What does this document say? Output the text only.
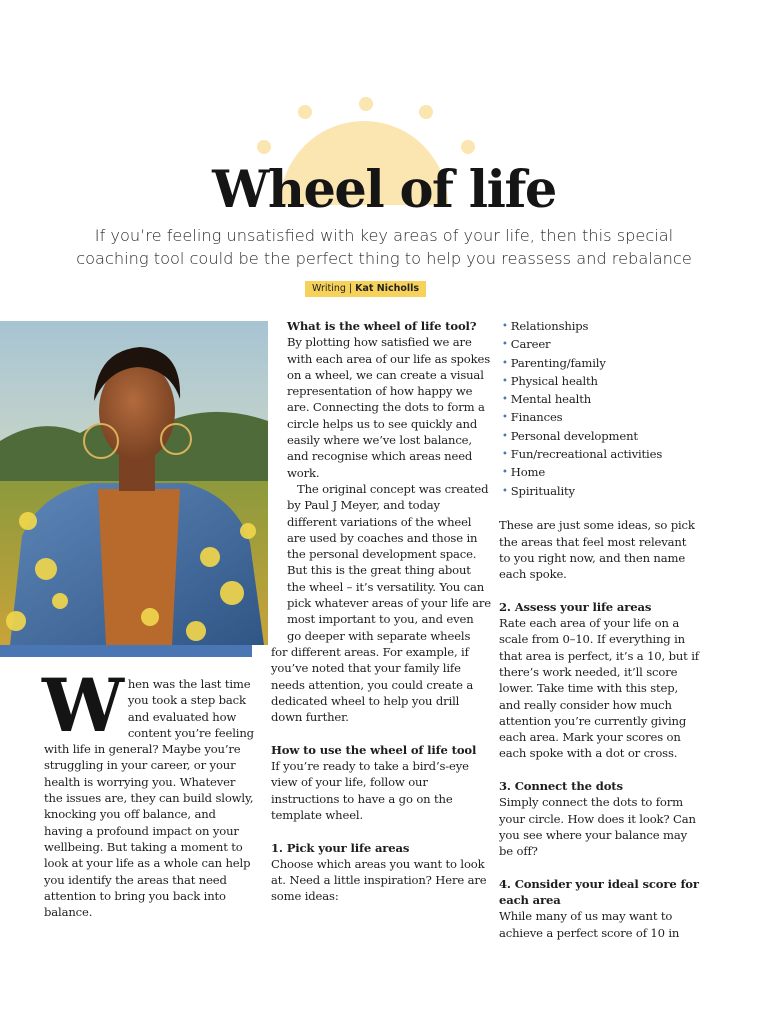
Wheel of life
If you’re feeling unsatisfied with key areas of your life, then this special
coaching tool could be the perfect thing to help you reassess and rebalance
Writing | Kat Nicholls
When was the last time you took a step back and evaluated how content you’re feeling with life in general? Maybe you’re struggling in your career, or your health is worrying you. Whatever the issues are, they can build slowly, knocking you off balance, and having a profound impact on your wellbeing. But taking a moment to look at your life as a whole can help you identify the areas that need attention to bring you back into balance.
What is the wheel of life tool?

By plotting how satisfied we are with each area of our life as spokes on a wheel, we can create a visual representation of how happy we are. Connecting the dots to form a circle helps us to see quickly and easily where we’ve lost balance, and recognise which areas need work.

The original concept was created by Paul J Meyer, and today different variations of the wheel are used by coaches and those in the personal development space. But this is the great thing about the wheel – it’s versatility. You can pick whatever areas of your life are most important to you, and even go deeper with separate wheels

for different areas. For example, if you’ve noted that your family life needs attention, you could create a dedicated wheel to help you drill down further.

How to use the wheel of life tool

If you’re ready to take a bird’s-eye view of your life, follow our instructions to have a go on the template wheel.

1. Pick your life areas

Choose which areas you want to look at. Need a little inspiration? Here are some ideas:

• Relationships
• Career
• Parenting/family
• Physical health
• Mental health
• Finances
• Personal development
• Fun/recreational activities
• Home
• Spirituality

These are just some ideas, so pick the areas that feel most relevant to you right now, and then name each spoke.

2. Assess your life areas

Rate each area of your life on a scale from 0–10. If everything in that area is perfect, it’s a 10, but if there’s work needed, it’ll score lower. Take time with this step, and really consider how much attention you’re currently giving each area. Mark your scores on each spoke with a dot or cross.

3. Connect the dots

Simply connect the dots to form your circle. How does it look? Can you see where your balance may be off?

4. Consider your ideal score for each area

While many of us may want to achieve a perfect score of 10 in
